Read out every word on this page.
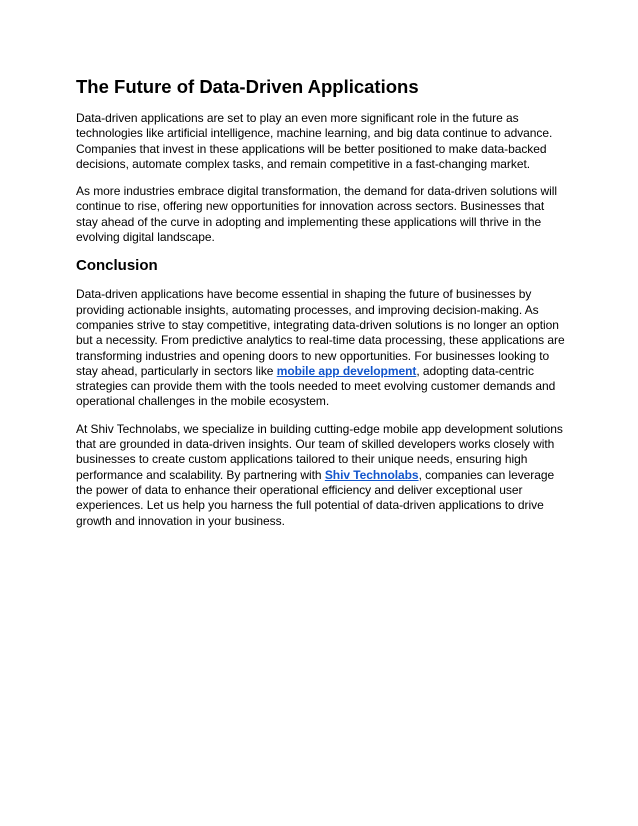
The Future of Data-Driven Applications

Data-driven applications are set to play an even more significant role in the future as technologies like artificial intelligence, machine learning, and big data continue to advance. Companies that invest in these applications will be better positioned to make data-backed decisions, automate complex tasks, and remain competitive in a fast-changing market.

As more industries embrace digital transformation, the demand for data-driven solutions will continue to rise, offering new opportunities for innovation across sectors. Businesses that stay ahead of the curve in adopting and implementing these applications will thrive in the evolving digital landscape.

Conclusion

Data-driven applications have become essential in shaping the future of businesses by providing actionable insights, automating processes, and improving decision-making. As companies strive to stay competitive, integrating data-driven solutions is no longer an option but a necessity. From predictive analytics to real-time data processing, these applications are transforming industries and opening doors to new opportunities. For businesses looking to stay ahead, particularly in sectors like mobile app development, adopting data-centric strategies can provide them with the tools needed to meet evolving customer demands and operational challenges in the mobile ecosystem.

At Shiv Technolabs, we specialize in building cutting-edge mobile app development solutions that are grounded in data-driven insights. Our team of skilled developers works closely with businesses to create custom applications tailored to their unique needs, ensuring high performance and scalability. By partnering with Shiv Technolabs, companies can leverage the power of data to enhance their operational efficiency and deliver exceptional user experiences. Let us help you harness the full potential of data-driven applications to drive growth and innovation in your business.
